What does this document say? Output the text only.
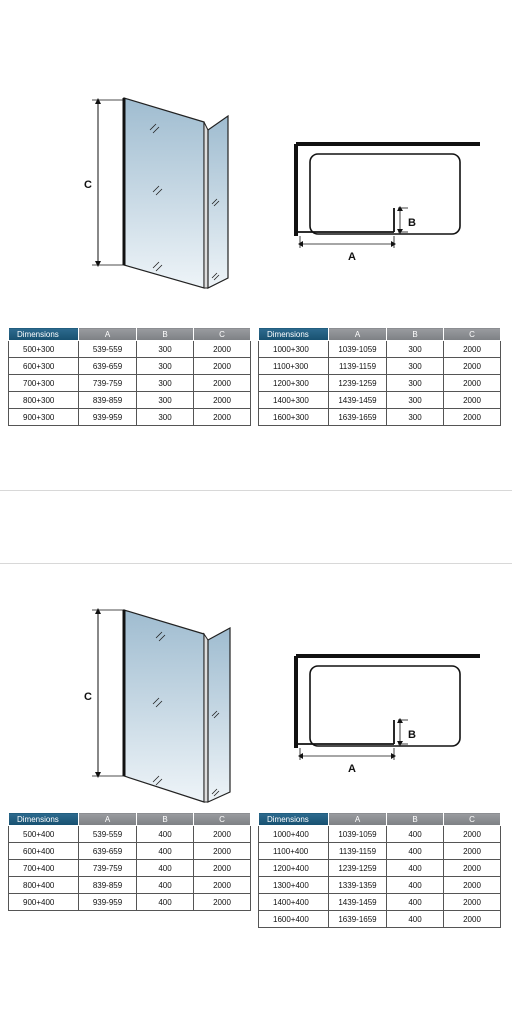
C
B
A
Dimensions	A	B	C
500+300	539-559	300	2000
600+300	639-659	300	2000
700+300	739-759	300	2000
800+300	839-859	300	2000
900+300	939-959	300	2000
Dimensions	A	B	C
1000+300	1039-1059	300	2000
1100+300	1139-1159	300	2000
1200+300	1239-1259	300	2000
1400+300	1439-1459	300	2000
1600+300	1639-1659	300	2000
C
B
A
Dimensions	A	B	C
500+400	539-559	400	2000
600+400	639-659	400	2000
700+400	739-759	400	2000
800+400	839-859	400	2000
900+400	939-959	400	2000
Dimensions	A	B	C
1000+400	1039-1059	400	2000
1100+400	1139-1159	400	2000
1200+400	1239-1259	400	2000
1300+400	1339-1359	400	2000
1400+400	1439-1459	400	2000
1600+400	1639-1659	400	2000
